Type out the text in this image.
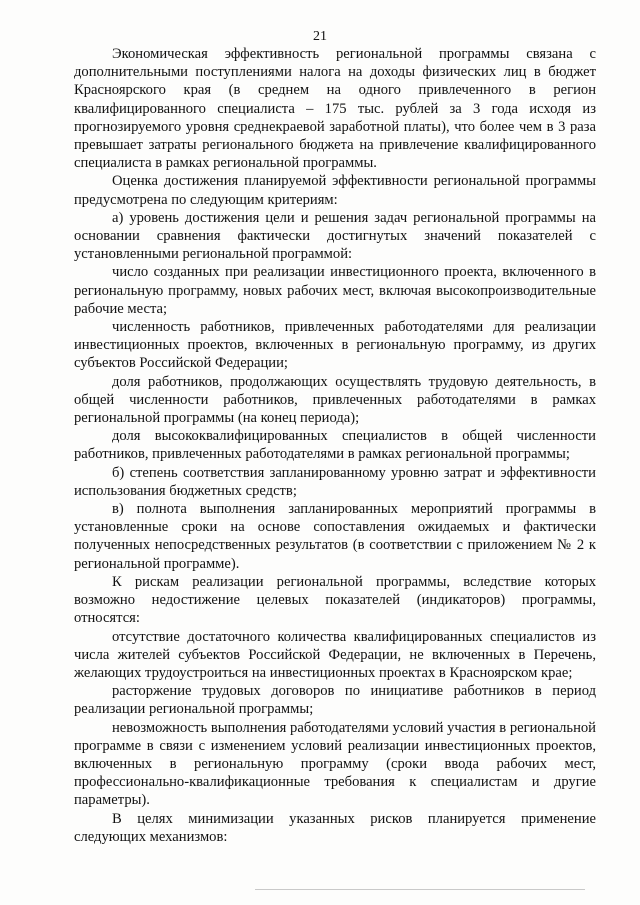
21

Экономическая эффективность региональной программы связана с дополнительными поступлениями налога на доходы физических лиц в бюджет Красноярского края (в среднем на одного привлеченного в регион квалифицированного специалиста – 175 тыс. рублей за 3 года исходя из прогнозируемого уровня среднекраевой заработной платы), что более чем в 3 раза превышает затраты регионального бюджета на привлечение квалифицированного специалиста в рамках региональной программы.

Оценка достижения планируемой эффективности региональной программы предусмотрена по следующим критериям:

а) уровень достижения цели и решения задач региональной программы на основании сравнения фактически достигнутых значений показателей с установленными региональной программой:

число созданных при реализации инвестиционного проекта, включенного в региональную программу, новых рабочих мест, включая высокопроизводительные рабочие места;

численность работников, привлеченных работодателями для реализации инвестиционных проектов, включенных в региональную программу, из других субъектов Российской Федерации;

доля работников, продолжающих осуществлять трудовую деятельность, в общей численности работников, привлеченных работодателями в рамках региональной программы (на конец периода);

доля высококвалифицированных специалистов в общей численности работников, привлеченных работодателями в рамках региональной программы;

б) степень соответствия запланированному уровню затрат и эффективности использования бюджетных средств;

в) полнота выполнения запланированных мероприятий программы в установленные сроки на основе сопоставления ожидаемых и фактически полученных непосредственных результатов (в соответствии с приложением № 2 к региональной программе).

К рискам реализации региональной программы, вследствие которых возможно недостижение целевых показателей (индикаторов) программы, относятся:

отсутствие достаточного количества квалифицированных специалистов из числа жителей субъектов Российской Федерации, не включенных в Перечень, желающих трудоустроиться на инвестиционных проектах в Красноярском крае;

расторжение трудовых договоров по инициативе работников в период реализации региональной программы;

невозможность выполнения работодателями условий участия в региональной программе в связи с изменением условий реализации инвестиционных проектов, включенных в региональную программу (сроки ввода рабочих мест, профессионально-квалификационные требования к специалистам и другие параметры).

В целях минимизации указанных рисков планируется применение следующих механизмов:
